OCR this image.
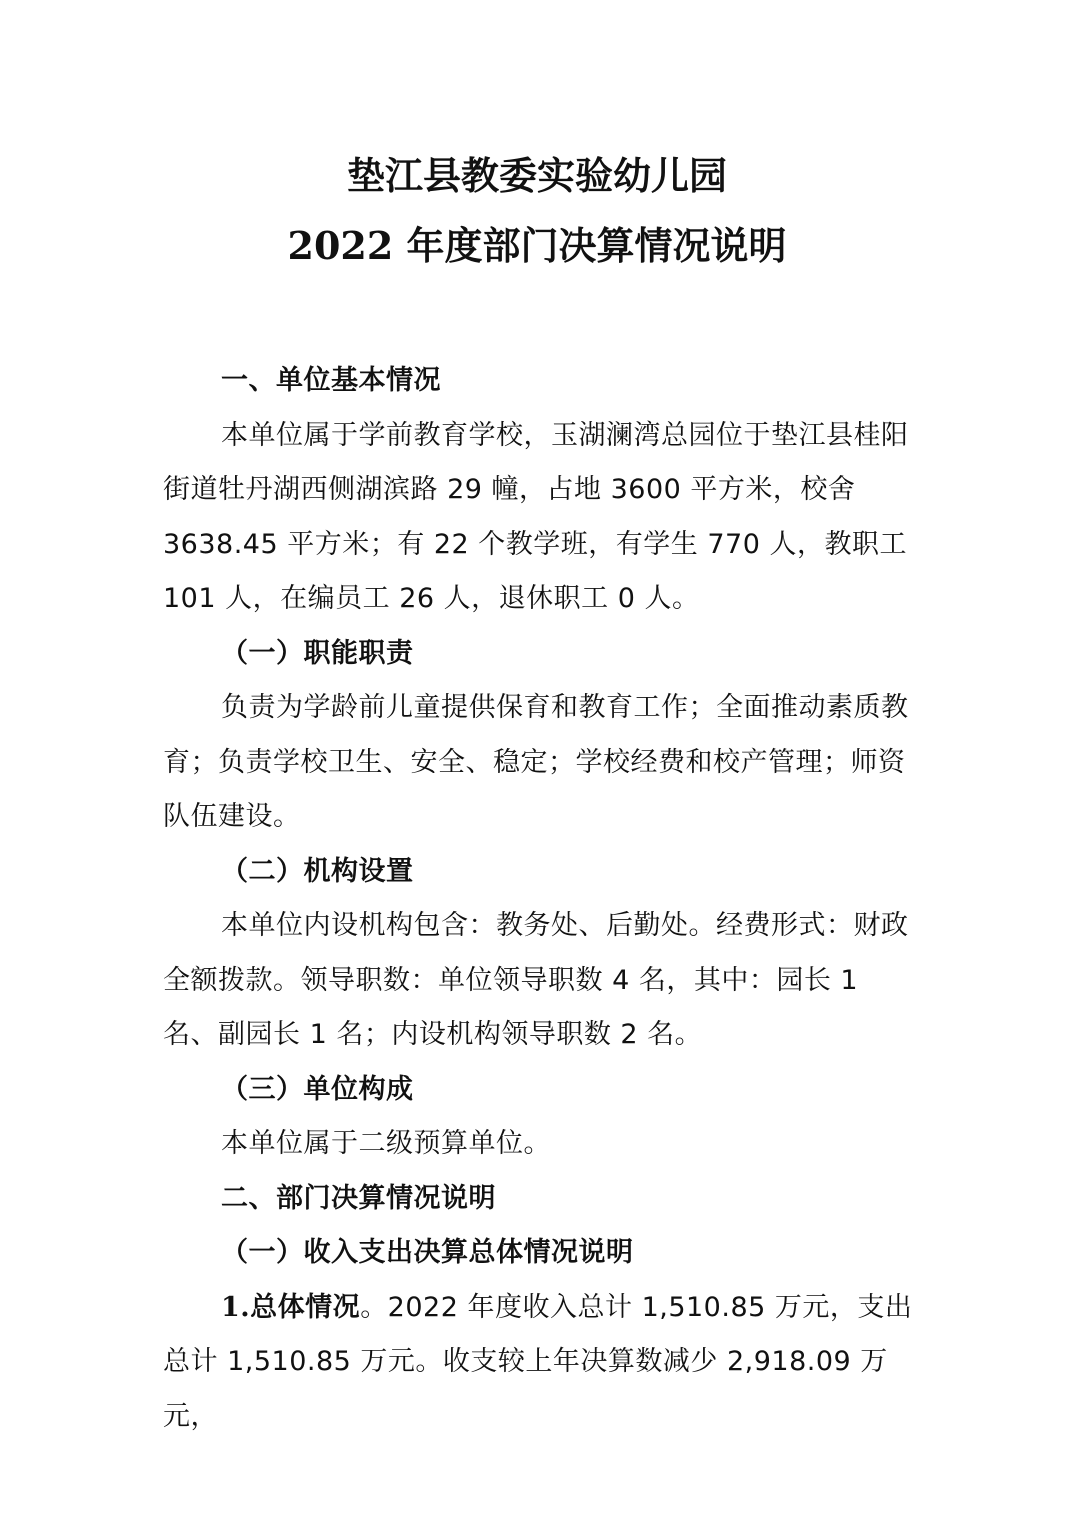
垫江县教委实验幼儿园
2022 年度部门决算情况说明

一、单位基本情况

本单位属于学前教育学校，玉湖澜湾总园位于垫江县桂阳街道牡丹湖西侧湖滨路 29 幢，占地 3600 平方米，校舍 3638.45 平方米；有 22 个教学班，有学生 770 人，教职工 101 人，在编员工 26 人，退休职工 0 人。

（一）职能职责

负责为学龄前儿童提供保育和教育工作；全面推动素质教育；负责学校卫生、安全、稳定；学校经费和校产管理；师资队伍建设。

（二）机构设置

本单位内设机构包含：教务处、后勤处。经费形式：财政全额拨款。领导职数：单位领导职数 4 名，其中：园长 1 名、副园长 1 名；内设机构领导职数 2 名。

（三）单位构成

本单位属于二级预算单位。

二、部门决算情况说明

（一）收入支出决算总体情况说明

1.总体情况。2022 年度收入总计 1,510.85 万元，支出总计 1,510.85 万元。收支较上年决算数减少 2,918.09 万元，
